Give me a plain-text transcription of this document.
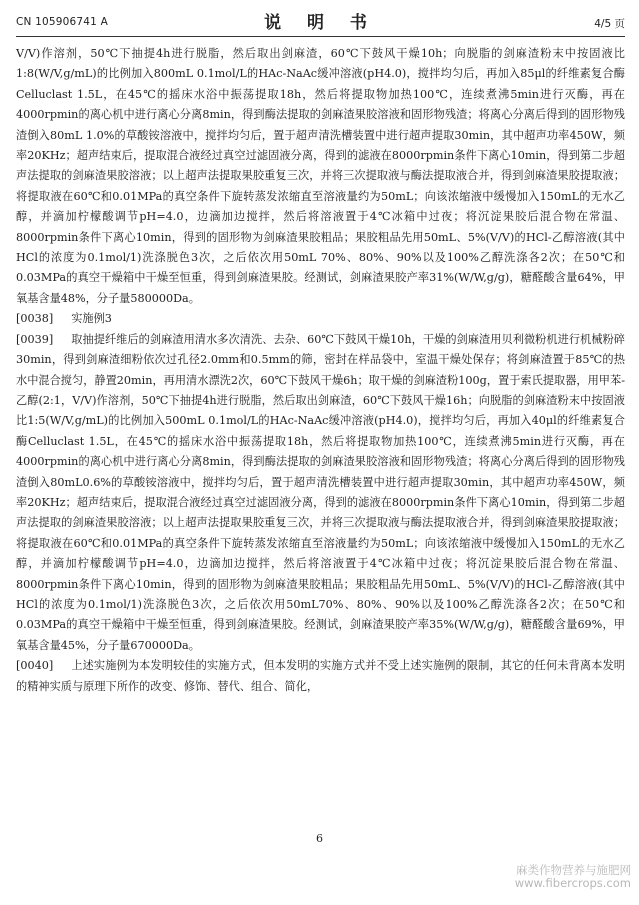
CN 105906741 A	说 明 书	4/5 页

V/V)作溶剂，50℃下抽提4h进行脱脂，然后取出剑麻渣，60℃下鼓风干燥10h；向脱脂的剑麻渣粉末中按固液比1:8(W/V,g/mL)的比例加入800mL 0.1mol/L的HAc-NaAc缓冲溶液(pH4.0)，搅拌均匀后，再加入85μl的纤维素复合酶Celluclast 1.5L，在45℃的摇床水浴中振荡提取18h，然后将提取物加热100℃，连续煮沸5min进行灭酶，再在4000rpmin的离心机中进行离心分离8min，得到酶法提取的剑麻渣果胶溶液和固形物残渣；将离心分离后得到的固形物残渣倒入80mL 1.0%的草酸铵溶液中，搅拌均匀后，置于超声清洗槽装置中进行超声提取30min，其中超声功率450W，频率20KHz；超声结束后，提取混合液经过真空过滤固液分离，得到的滤液在8000rpmin条件下离心10min，得到第二步超声法提取的剑麻渣果胶溶液；以上超声法提取果胶重复三次，并将三次提取液与酶法提取液合并，得到剑麻渣果胶提取液；将提取液在60℃和0.01MPa的真空条件下旋转蒸发浓缩直至溶液量约为50mL；向该浓缩液中缓慢加入150mL的无水乙醇，并滴加柠檬酸调节pH=4.0，边滴加边搅拌，然后将溶液置于4℃冰箱中过夜；将沉淀果胶后混合物在常温、8000rpmin条件下离心10min，得到的固形物为剑麻渣果胶粗品；果胶粗品先用50mL、5%(V/V)的HCl-乙醇溶液(其中HCl的浓度为0.1mol/1)洗涤脱色3次，之后依次用50mL 70%、80%、90%以及100%乙醇洗涤各2次；在50℃和0.03MPa的真空干燥箱中干燥至恒重，得到剑麻渣果胶。经测试，剑麻渣果胶产率31%(W/W,g/g)，糖醛酸含量64%，甲氧基含量48%，分子量580000Da。

[0038] 实施例3

[0039] 取抽提纤维后的剑麻渣用清水多次清洗、去杂、60℃下鼓风干燥10h，干燥的剑麻渣用贝利微粉机进行机械粉碎30min，得到剑麻渣细粉依次过孔径2.0mm和0.5mm的筛，密封在样品袋中，室温干燥处保存；将剑麻渣置于85℃的热水中混合搅匀，静置20min，再用清水漂洗2次，60℃下鼓风干燥6h；取干燥的剑麻渣粉100g，置于索氏提取器，用甲苯-乙醇(2:1，V/V)作溶剂，50℃下抽提4h进行脱脂，然后取出剑麻渣，60℃下鼓风干燥16h；向脱脂的剑麻渣粉末中按固液比1:5(W/V,g/mL)的比例加入500mL 0.1mol/L的HAc-NaAc缓冲溶液(pH4.0)，搅拌均匀后，再加入40μl的纤维素复合酶Celluclast 1.5L，在45℃的摇床水浴中振荡提取18h，然后将提取物加热100℃，连续煮沸5min进行灭酶，再在4000rpmin的离心机中进行离心分离8min，得到酶法提取的剑麻渣果胶溶液和固形物残渣；将离心分离后得到的固形物残渣倒入80mL0.6%的草酸铵溶液中，搅拌均匀后，置于超声清洗槽装置中进行超声提取30min，其中超声功率450W，频率20KHz；超声结束后，提取混合液经过真空过滤固液分离，得到的滤液在8000rpmin条件下离心10min，得到第二步超声法提取的剑麻渣果胶溶液；以上超声法提取果胶重复三次，并将三次提取液与酶法提取液合并，得到剑麻渣果胶提取液；将提取液在60℃和0.01MPa的真空条件下旋转蒸发浓缩直至溶液量约为50mL；向该浓缩液中缓慢加入150mL的无水乙醇，并滴加柠檬酸调节pH=4.0，边滴加边搅拌，然后将溶液置于4℃冰箱中过夜；将沉淀果胶后混合物在常温、8000rpmin条件下离心10min，得到的固形物为剑麻渣果胶粗品；果胶粗品先用50mL、5%(V/V)的HCl-乙醇溶液(其中HCl的浓度为0.1mol/1)洗涤脱色3次，之后依次用50mL70%、80%、90%以及100%乙醇洗涤各2次；在50℃和0.03MPa的真空干燥箱中干燥至恒重，得到剑麻渣果胶。经测试，剑麻渣果胶产率35%(W/W,g/g)，糖醛酸含量69%，甲氧基含量45%，分子量670000Da。

[0040] 上述实施例为本发明较佳的实施方式，但本发明的实施方式并不受上述实施例的限制，其它的任何未背离本发明的精神实质与原理下所作的改变、修饰、替代、组合、简化，

6
麻类作物营养与施肥网
www.fibercrops.com
